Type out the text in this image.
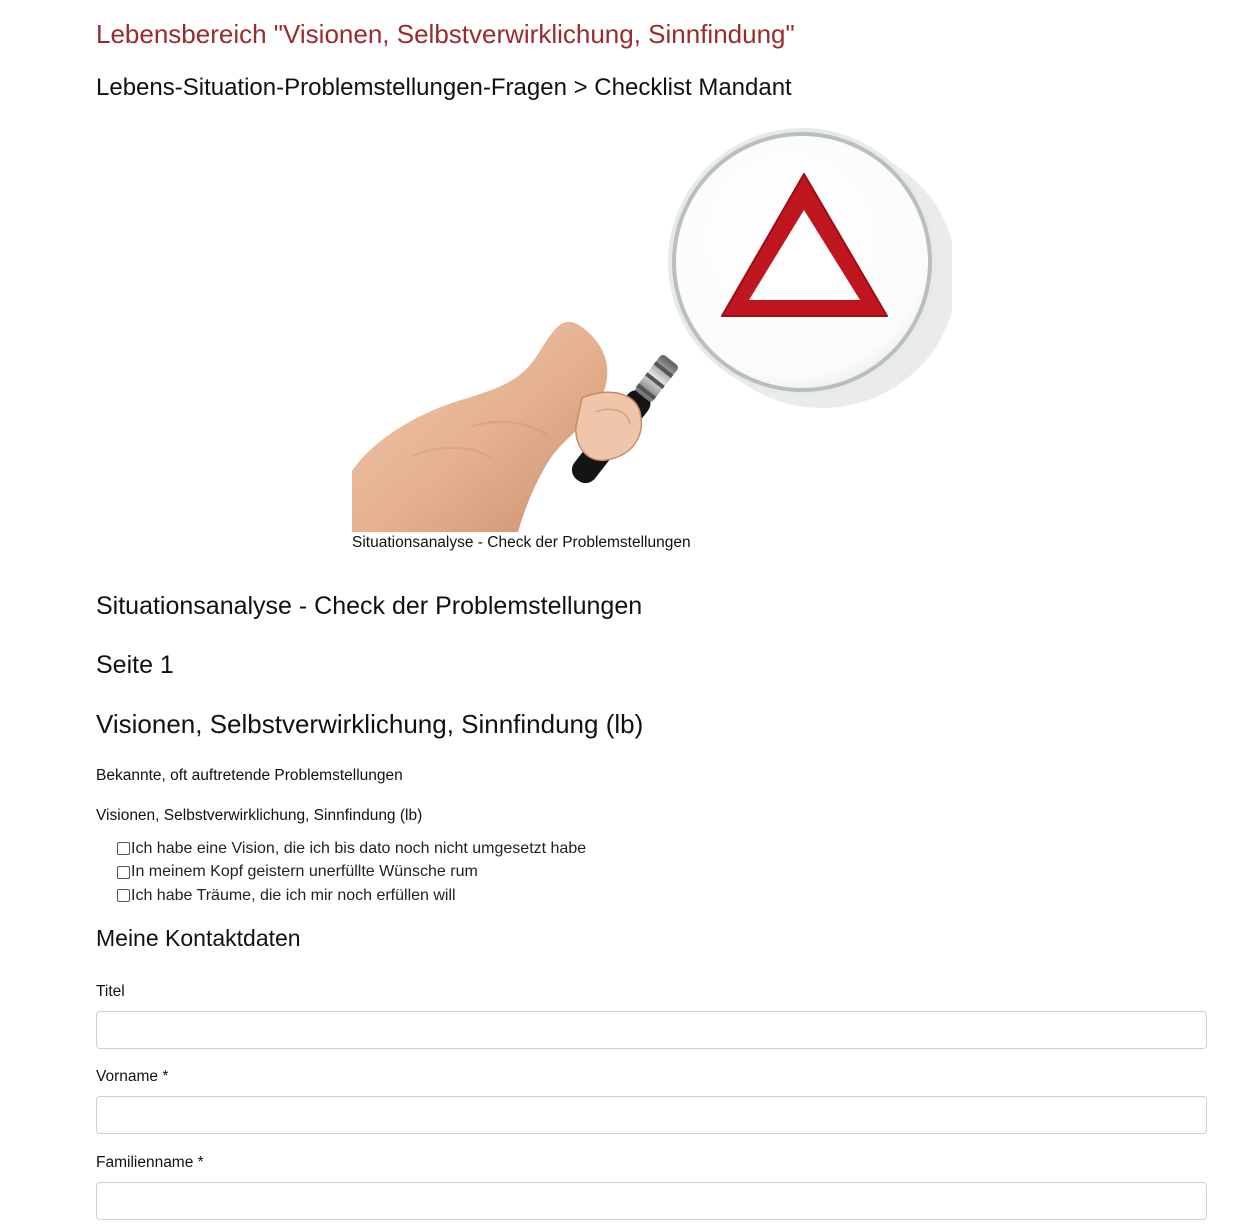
Lebensbereich "Visionen, Selbstverwirklichung, Sinnfindung"
Lebens-Situation-Problemstellungen-Fragen > Checklist Mandant
Situationsanalyse - Check der Problemstellungen
Situationsanalyse - Check der Problemstellungen
Seite 1
Visionen, Selbstverwirklichung, Sinnfindung (lb)
Bekannte, oft auftretende Problemstellungen
Visionen, Selbstverwirklichung, Sinnfindung (lb)
Ich habe eine Vision, die ich bis dato noch nicht umgesetzt habe
In meinem Kopf geistern unerfüllte Wünsche rum
Ich habe Träume, die ich mir noch erfüllen will
Meine Kontaktdaten
Titel
Vorname *
Familienname *
